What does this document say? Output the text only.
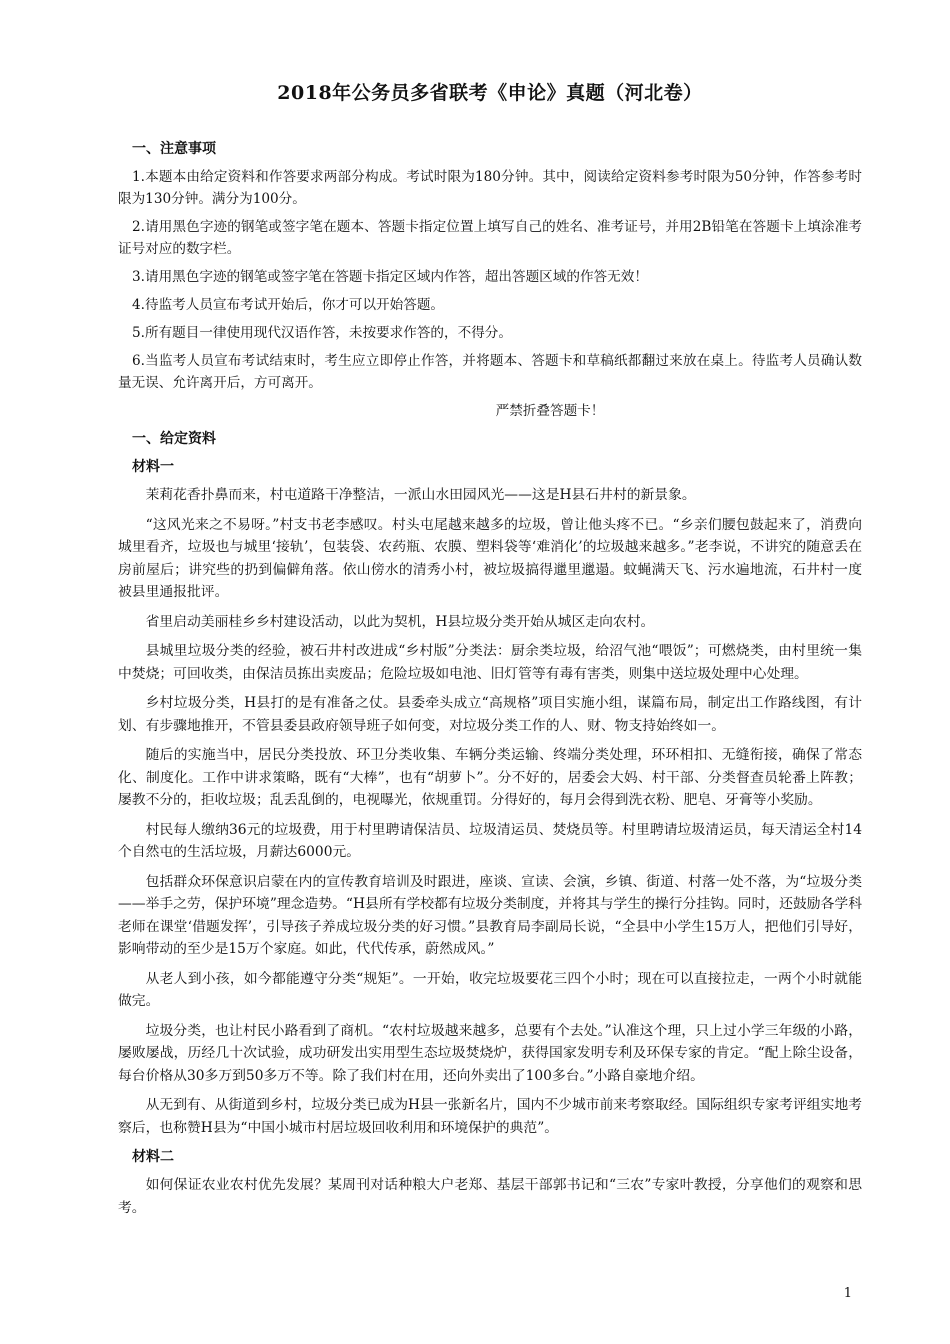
2018年公务员多省联考《申论》真题（河北卷）
一、注意事项

1.本题本由给定资料和作答要求两部分构成。考试时限为180分钟。其中，阅读给定资料参考时限为50分钟，作答参考时限为130分钟。满分为100分。

2.请用黑色字迹的钢笔或签字笔在题本、答题卡指定位置上填写自己的姓名、准考证号，并用2B铅笔在答题卡上填涂准考证号对应的数字栏。

3.请用黑色字迹的钢笔或签字笔在答题卡指定区域内作答，超出答题区域的作答无效！

4.待监考人员宣布考试开始后，你才可以开始答题。

5.所有题目一律使用现代汉语作答，未按要求作答的，不得分。

6.当监考人员宣布考试结束时，考生应立即停止作答，并将题本、答题卡和草稿纸都翻过来放在桌上。待监考人员确认数量无误、允许离开后，方可离开。

严禁折叠答题卡！

一、给定资料
材料一

茉莉花香扑鼻而来，村屯道路干净整洁，一派山水田园风光——这是H县石井村的新景象。

“这风光来之不易呀。”村支书老李感叹。村头屯尾越来越多的垃圾，曾让他头疼不已。“乡亲们腰包鼓起来了，消费向城里看齐，垃圾也与城里‘接轨’，包装袋、农药瓶、农膜、塑料袋等‘难消化’的垃圾越来越多。”老李说，不讲究的随意丢在房前屋后；讲究些的扔到偏僻角落。依山傍水的清秀小村，被垃圾搞得邋里邋遢。蚊蝇满天飞、污水遍地流，石井村一度被县里通报批评。

省里启动美丽桂乡乡村建设活动，以此为契机，H县垃圾分类开始从城区走向农村。

县城里垃圾分类的经验，被石井村改进成“乡村版”分类法：厨余类垃圾，给沼气池“喂饭”；可燃烧类，由村里统一集中焚烧；可回收类，由保洁员拣出卖废品；危险垃圾如电池、旧灯管等有毒有害类，则集中送垃圾处理中心处理。

乡村垃圾分类，H县打的是有准备之仗。县委牵头成立“高规格”项目实施小组，谋篇布局，制定出工作路线图，有计划、有步骤地推开，不管县委县政府领导班子如何变，对垃圾分类工作的人、财、物支持始终如一。

随后的实施当中，居民分类投放、环卫分类收集、车辆分类运输、终端分类处理，环环相扣、无缝衔接，确保了常态化、制度化。工作中讲求策略，既有“大棒”，也有“胡萝卜”。分不好的，居委会大妈、村干部、分类督查员轮番上阵教；屡教不分的，拒收垃圾；乱丢乱倒的，电视曝光，依规重罚。分得好的，每月会得到洗衣粉、肥皂、牙膏等小奖励。

村民每人缴纳36元的垃圾费，用于村里聘请保洁员、垃圾清运员、焚烧员等。村里聘请垃圾清运员，每天清运全村14个自然屯的生活垃圾，月薪达6000元。

包括群众环保意识启蒙在内的宣传教育培训及时跟进，座谈、宣读、会演，乡镇、街道、村落一处不落，为“垃圾分类——举手之劳，保护环境”理念造势。“H县所有学校都有垃圾分类制度，并将其与学生的操行分挂钩。同时，还鼓励各学科老师在课堂‘借题发挥’，引导孩子养成垃圾分类的好习惯。”县教育局李副局长说，“全县中小学生15万人，把他们引导好，影响带动的至少是15万个家庭。如此，代代传承，蔚然成风。”

从老人到小孩，如今都能遵守分类“规矩”。一开始，收完垃圾要花三四个小时；现在可以直接拉走，一两个小时就能做完。

垃圾分类，也让村民小路看到了商机。“农村垃圾越来越多，总要有个去处。”认准这个理，只上过小学三年级的小路，屡败屡战，历经几十次试验，成功研发出实用型生态垃圾焚烧炉，获得国家发明专利及环保专家的肯定。“配上除尘设备，每台价格从30多万到50多万不等。除了我们村在用，还向外卖出了100多台。”小路自豪地介绍。

从无到有、从街道到乡村，垃圾分类已成为H县一张新名片，国内不少城市前来考察取经。国际组织专家考评组实地考察后，也称赞H县为“中国小城市村居垃圾回收利用和环境保护的典范”。

材料二

如何保证农业农村优先发展？某周刊对话种粮大户老郑、基层干部郭书记和“三农”专家叶教授，分享他们的观察和思考。

1
